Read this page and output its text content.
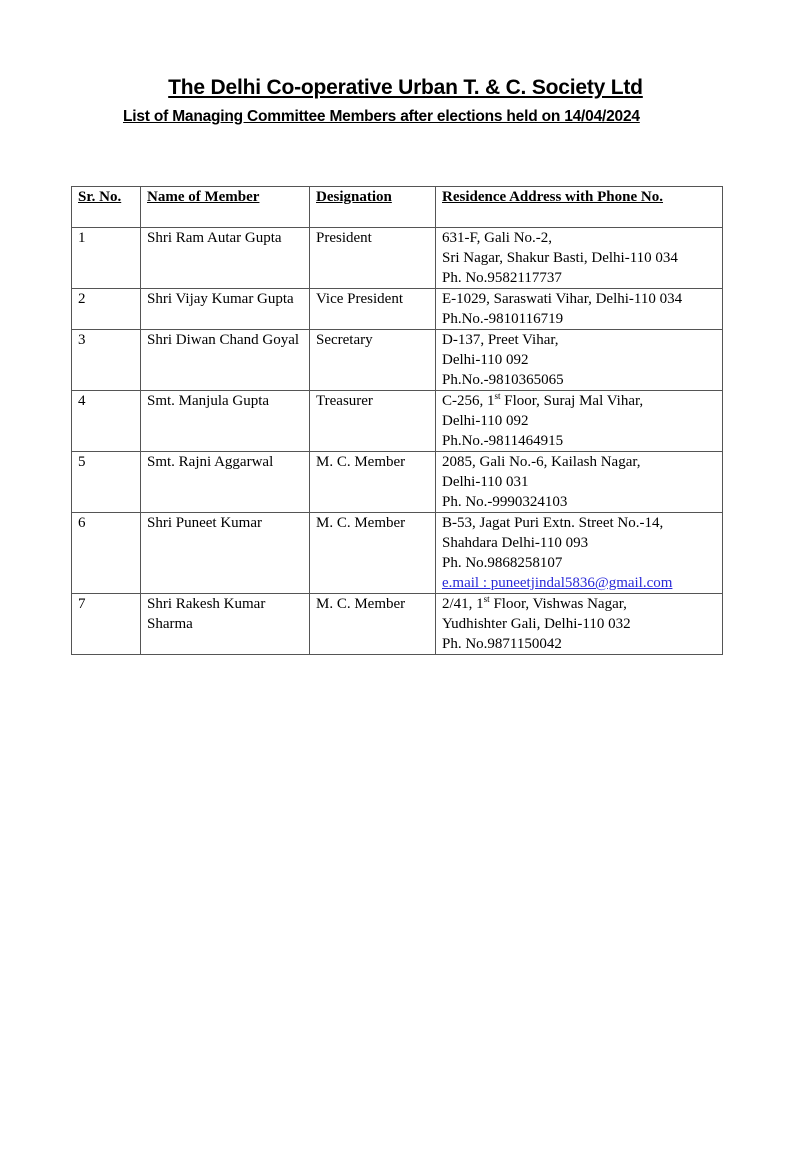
The Delhi Co-operative Urban T. & C. Society Ltd
List of Managing Committee Members after elections held on 14/04/2024
Sr. No.	Name of Member	Designation	Residence Address with Phone No.
1	Shri Ram Autar Gupta	President	631-F, Gali No.-2,
Sri Nagar, Shakur Basti, Delhi-110 034
Ph. No.9582117737

2	Shri Vijay Kumar Gupta	Vice President	E-1029, Saraswati Vihar, Delhi-110 034
Ph.No.-9810116719

3	Shri Diwan Chand Goyal	Secretary	D-137, Preet Vihar,
Delhi-110 092
Ph.No.-9810365065

4	Smt. Manjula Gupta	Treasurer	C-256, 1st Floor, Suraj Mal Vihar,
Delhi-110 092
Ph.No.-9811464915

5	Smt. Rajni Aggarwal	M. C. Member	2085, Gali No.-6, Kailash Nagar,
Delhi-110 031
Ph. No.-9990324103

6	Shri Puneet Kumar	M. C. Member	B-53, Jagat Puri Extn. Street No.-14,
Shahdara Delhi-110 093
Ph. No.9868258107
e.mail : puneetjindal5836@gmail.com

7	Shri Rakesh Kumar Sharma	M. C. Member	2/41, 1st Floor, Vishwas Nagar,
Yudhishter Gali, Delhi-110 032
Ph. No.9871150042
